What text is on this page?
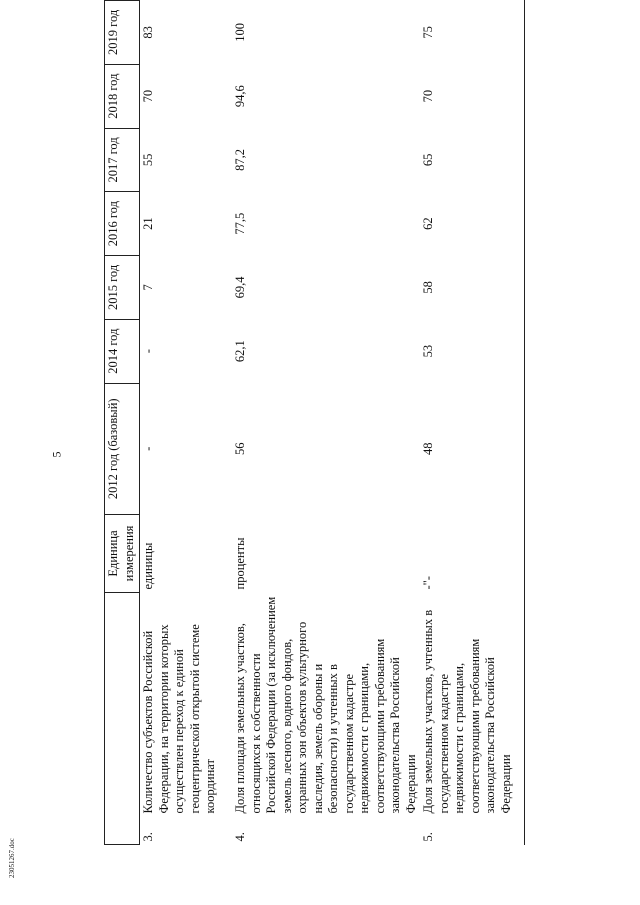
5
23051267.doc
		Единица измерения	2012 год (базовый)	2014 год	2015 год	2016 год	2017 год	2018 год	2019 год
3.	Количество субъектов Российской Федерации, на территории которых осуществлен переход к единой геоцентрической открытой системе координат	единицы	-	-	7	21	55	70	83
4.	Доля площади земельных участков, относящихся к собственности Российской Федерации (за исключением земель лесного, водного фондов, охранных зон объектов культурного наследия, земель обороны и безопасности) и учтенных в государственном кадастре недвижимости с границами, соответствующими требованиям законодательства Российской Федерации	проценты	56	62,1	69,4	77,5	87,2	94,6	100
5.	Доля земельных участков, учтенных в государственном кадастре недвижимости с границами, соответствующими требованиям законодательства Российской Федерации	-"-	48	53	58	62	65	70	75
